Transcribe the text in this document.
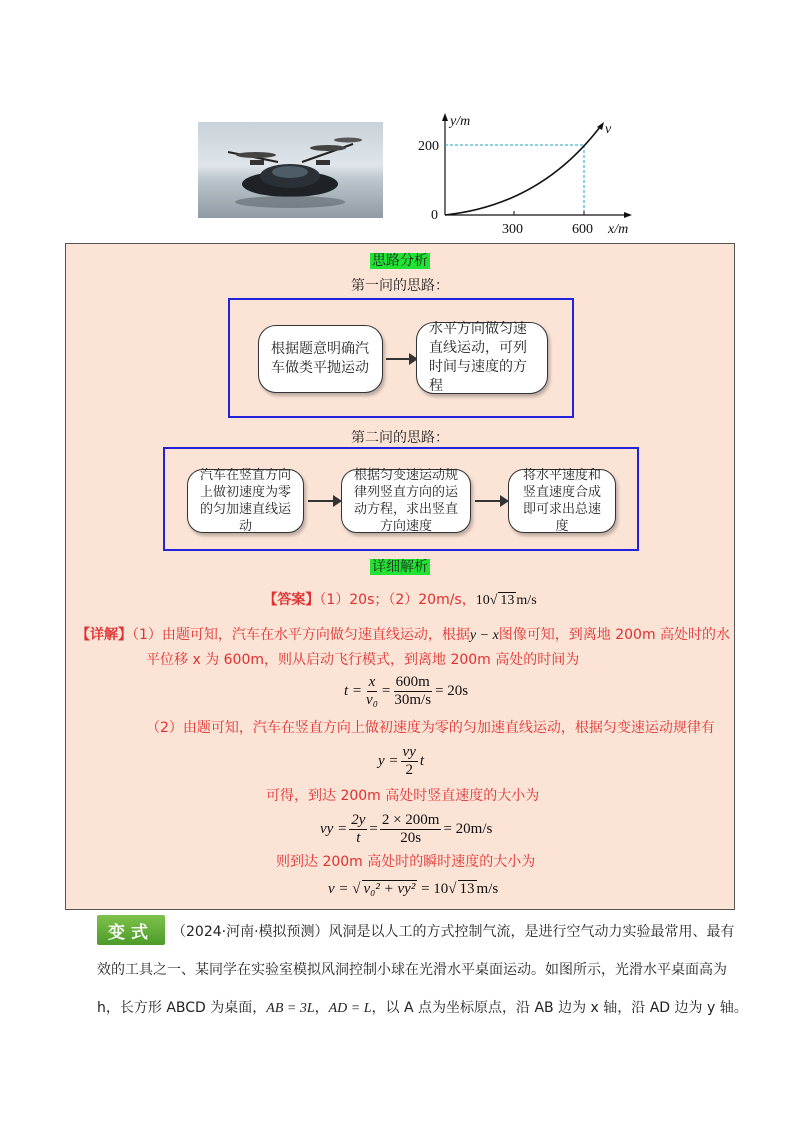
y/m
200
0
300	600 x/m
v
思路分析
第一问的思路：
根据题意明确汽车做类平抛运动
水平方向做匀速直线运动，可列时间与速度的方程
第二问的思路：
汽车在竖直方向上做初速度为零的匀加速直线运动
根据匀变速运动规律列竖直方向的运动方程，求出竖直方向速度
将水平速度和竖直速度合成即可求出总速度
详细解析
【答案】（1）20s；（2）20m/s，10√ 13 m/s
【详解】（1）由题可知，汽车在水平方向做匀速直线运动，根据y − x图像可知，到离地 200m 高处时的水
平位移 x 为 600m，则从启动飞行模式，到离地 200m 高处的时间为
$t = \frac{x}{\text{v₀}} = \frac{600m}{30m/s} = 20s$
（2）由题可知，汽车在竖直方向上做初速度为零的匀加速直线运动，根据匀变速运动规律有
$y = \frac{vy}{2}$ t
可得，到达 200m 高处时竖直速度的大小为
vy = $\frac{2y}{t} = \frac{2 \times 200m}{20s} = 20m/s$
则到达 200m 高处时的瞬时速度的大小为
v = √ v₀² + vy²
= 10 √ 13 m/s
变式	（2024·河南·模拟预测）风洞是以人工的方式控制气流，是进行空气动力实验最常用、最有
效的工具之一、某同学在实验室模拟风洞控制小球在光滑水平桌面运动。如图所示，光滑水平桌面高为
h，长方形 ABCD 为桌面，AB = 3L，AD = L，以 A 点为坐标原点，沿 AB 边为 x 轴，沿 AD 边为 y 轴。
